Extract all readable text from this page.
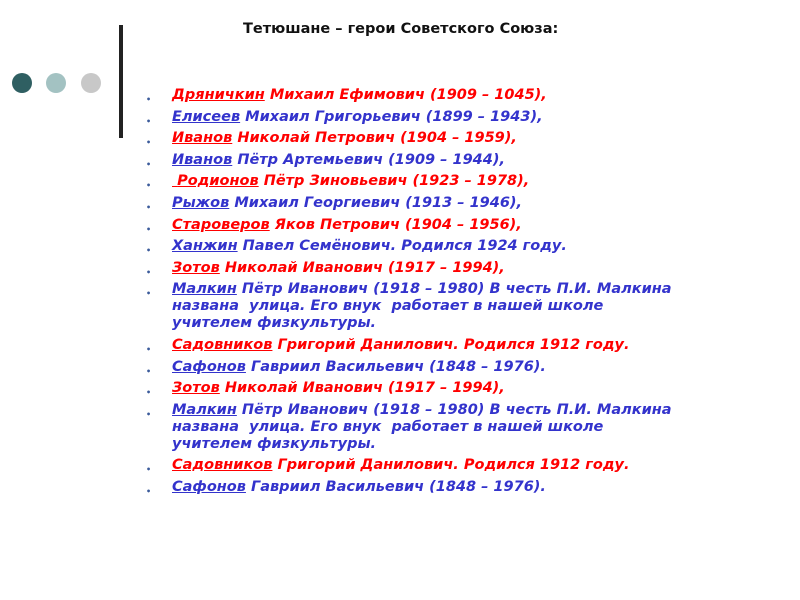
Тетюшане – герои Советского Союза:
• Дряничкин Михаил Ефимович (1909 – 1045),
• Елисеев Михаил Григорьевич (1899 – 1943),
• Иванов Николай Петрович (1904 – 1959),
• Иванов Пётр Артемьевич (1909 – 1944),
• Родионов Пётр Зиновьевич (1923 – 1978),
• Рыжов Михаил Георгиевич (1913 – 1946),
• Староверов Яков Петрович (1904 – 1956),
• Ханжин Павел Семёнович. Родился 1924 году.
• Зотов Николай Иванович (1917 – 1994),
• Малкин Пётр Иванович (1918 – 1980) В честь П.И. Малкина
названа  улица. Его внук  работает в нашей школе
учителем физкультуры.
• Садовников Григорий Данилович. Родился 1912 году.
• Сафонов Гавриил Васильевич (1848 – 1976).
• Зотов Николай Иванович (1917 – 1994),
• Малкин Пётр Иванович (1918 – 1980) В честь П.И. Малкина
названа  улица. Его внук  работает в нашей школе
учителем физкультуры.
• Садовников Григорий Данилович. Родился 1912 году.
• Сафонов Гавриил Васильевич (1848 – 1976).
